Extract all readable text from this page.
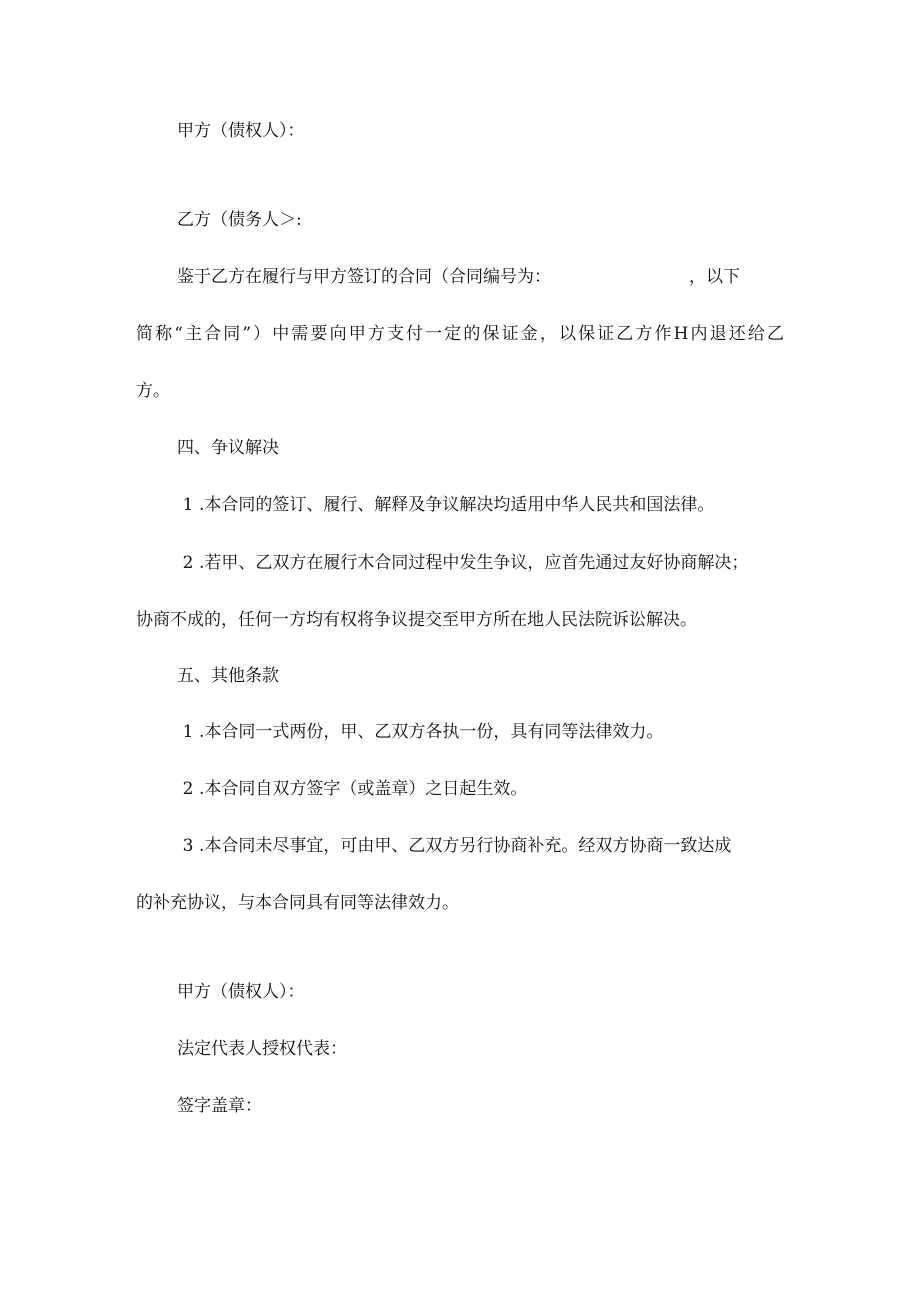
甲方（债权人）：
乙方（债务人＞:
鉴于乙方在履行与甲方签订的合同（合同编号为：	，以下
简称“主合同”）中需要向甲方支付一定的保证金，以保证乙方作H内退还给乙
方。
四、争议解决
1 .本合同的签订、履行、解释及争议解决均适用中华人民共和国法律。
2 .若甲、乙双方在履行木合同过程中发生争议，应首先通过友好协商解决；
协商不成的，任何一方均有权将争议提交至甲方所在地人民法院诉讼解决。
五、其他条款
1 .本合同一式两份，甲、乙双方各执一份，具有同等法律效力。
2 .本合同自双方签字（或盖章）之日起生效。
3 .本合同未尽事宜，可由甲、乙双方另行协商补充。经双方协商一致达成
的补充协议，与本合同具有同等法律效力。
甲方（债权人）：
法定代表人授权代表：
签字盖章：
